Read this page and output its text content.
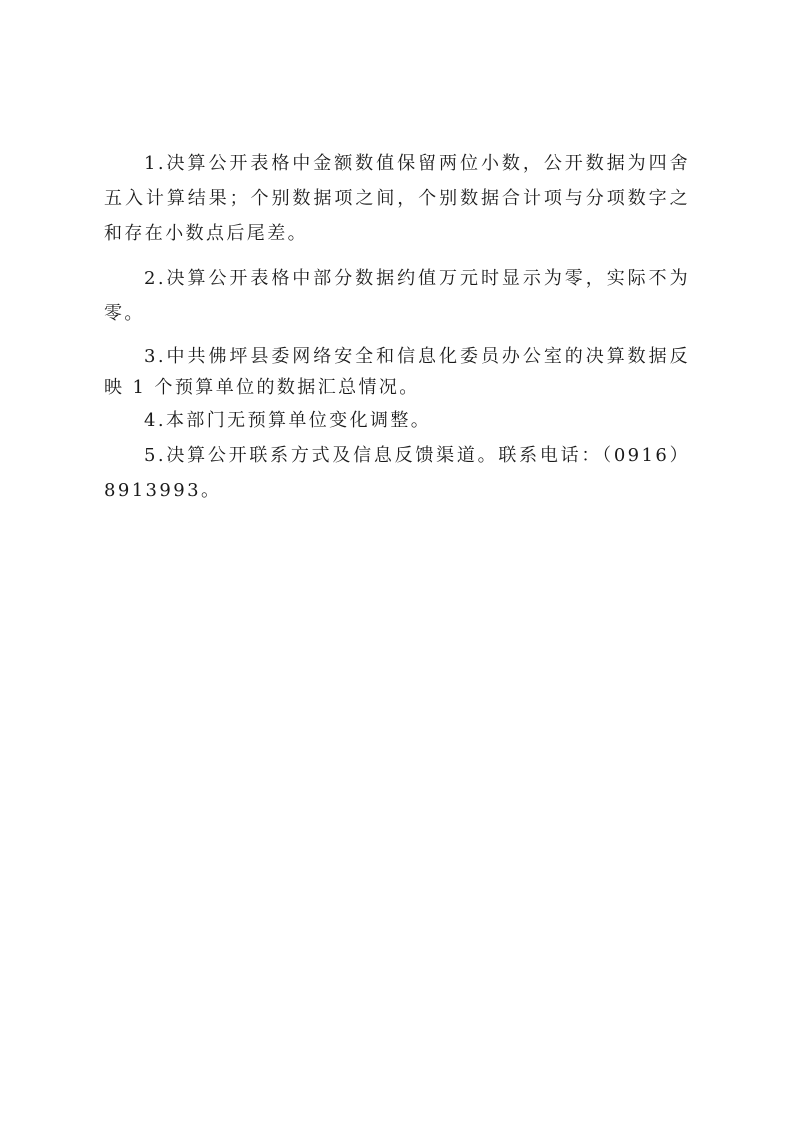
1.决算公开表格中金额数值保留两位小数，公开数据为四舍五入计算结果；个别数据项之间，个别数据合计项与分项数字之和存在小数点后尾差。

2.决算公开表格中部分数据约值万元时显示为零，实际不为零。

3.中共佛坪县委网络安全和信息化委员办公室的决算数据反映 1 个预算单位的数据汇总情况。

4.本部门无预算单位变化调整。

5.决算公开联系方式及信息反馈渠道。联系电话：（0916）8913993。
